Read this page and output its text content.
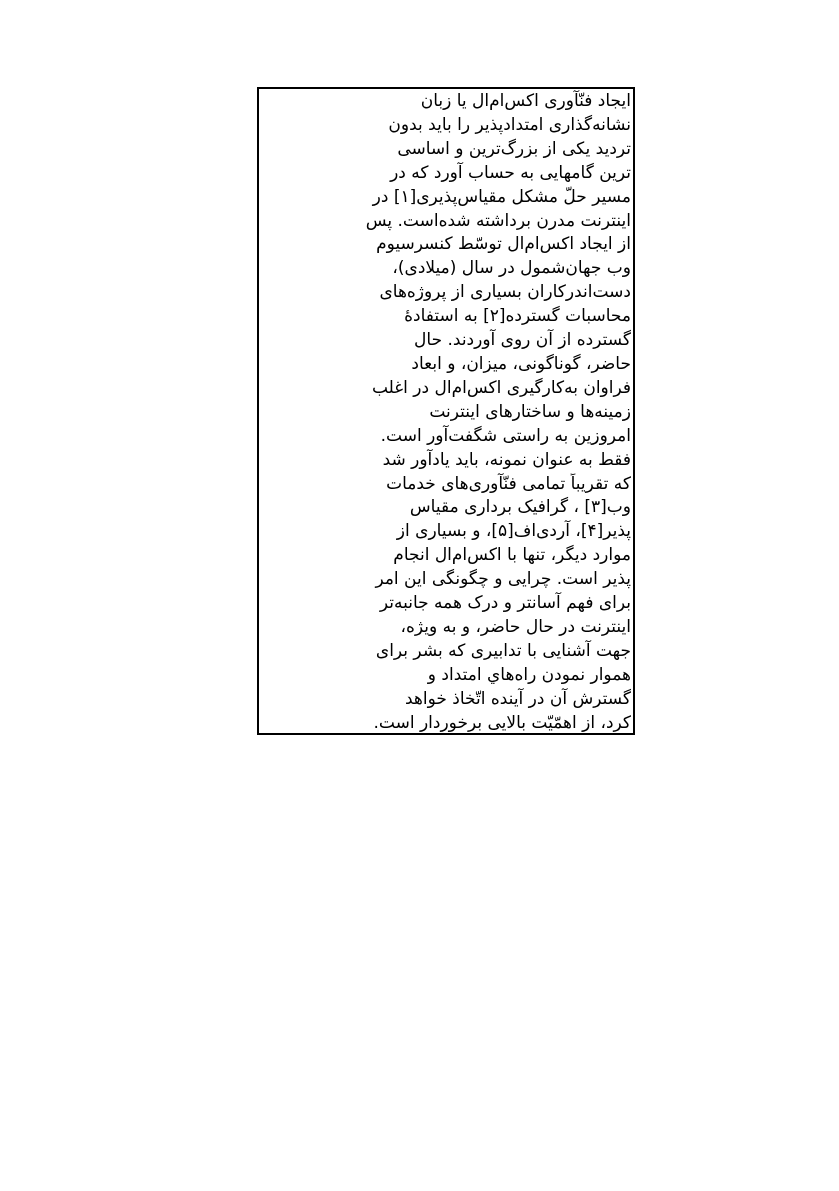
ایجاد فنّآوری اکس‌ام‌ال یا زبان
نشانه‌گذاری امتدادپذیر را باید بدون
تردید یکی از بزرگ‌ترین و اساسی
ترین گامهایی به حساب آورد که در
مسیر حلّ مشکل مقیاس‌پذیری[۱] در
اینترنت مدرن برداشته شده‌است. پس
از ایجاد اکس‌ام‌ال توسّط کنسرسیوم
وب جهان‌شمول در سال (میلادی)،
دست‌اندرکاران بسیاری از پروژه‌های
محاسبات گسترده[۲] به استفادهٔ
گسترده از آن روی آوردند. حال
حاضر، گوناگونی، میزان، و ابعاد
فراوان به‌کارگیری اکس‌ام‌ال در اغلب
زمینه‌ها و ساختارهای اینترنت
امروزین به راستی شگفت‌آور است.
فقط به عنوان نمونه، باید یادآور شد
که تقریباً تمامی فنّآوری‌های خدمات
وب[۳] ، گرافیک برداری مقیاس
پذیر[۴]، آردی‌اف[۵]، و بسیاری از
موارد دیگر، تنها با اکس‌ام‌ال انجام
پذیر است. چرایی و چگونگی این امر
برای فهم آسانتر و درک همه جانبه‌تر
اینترنت در حال حاضر، و به ویژه،
جهت آشنایی با تدابیری که بشر برای
هموار نمودن راه‌هاي امتداد و
گسترش آن در آینده اتّخاذ خواهد
کرد، از اهمّیّت بالایی برخوردار است.
